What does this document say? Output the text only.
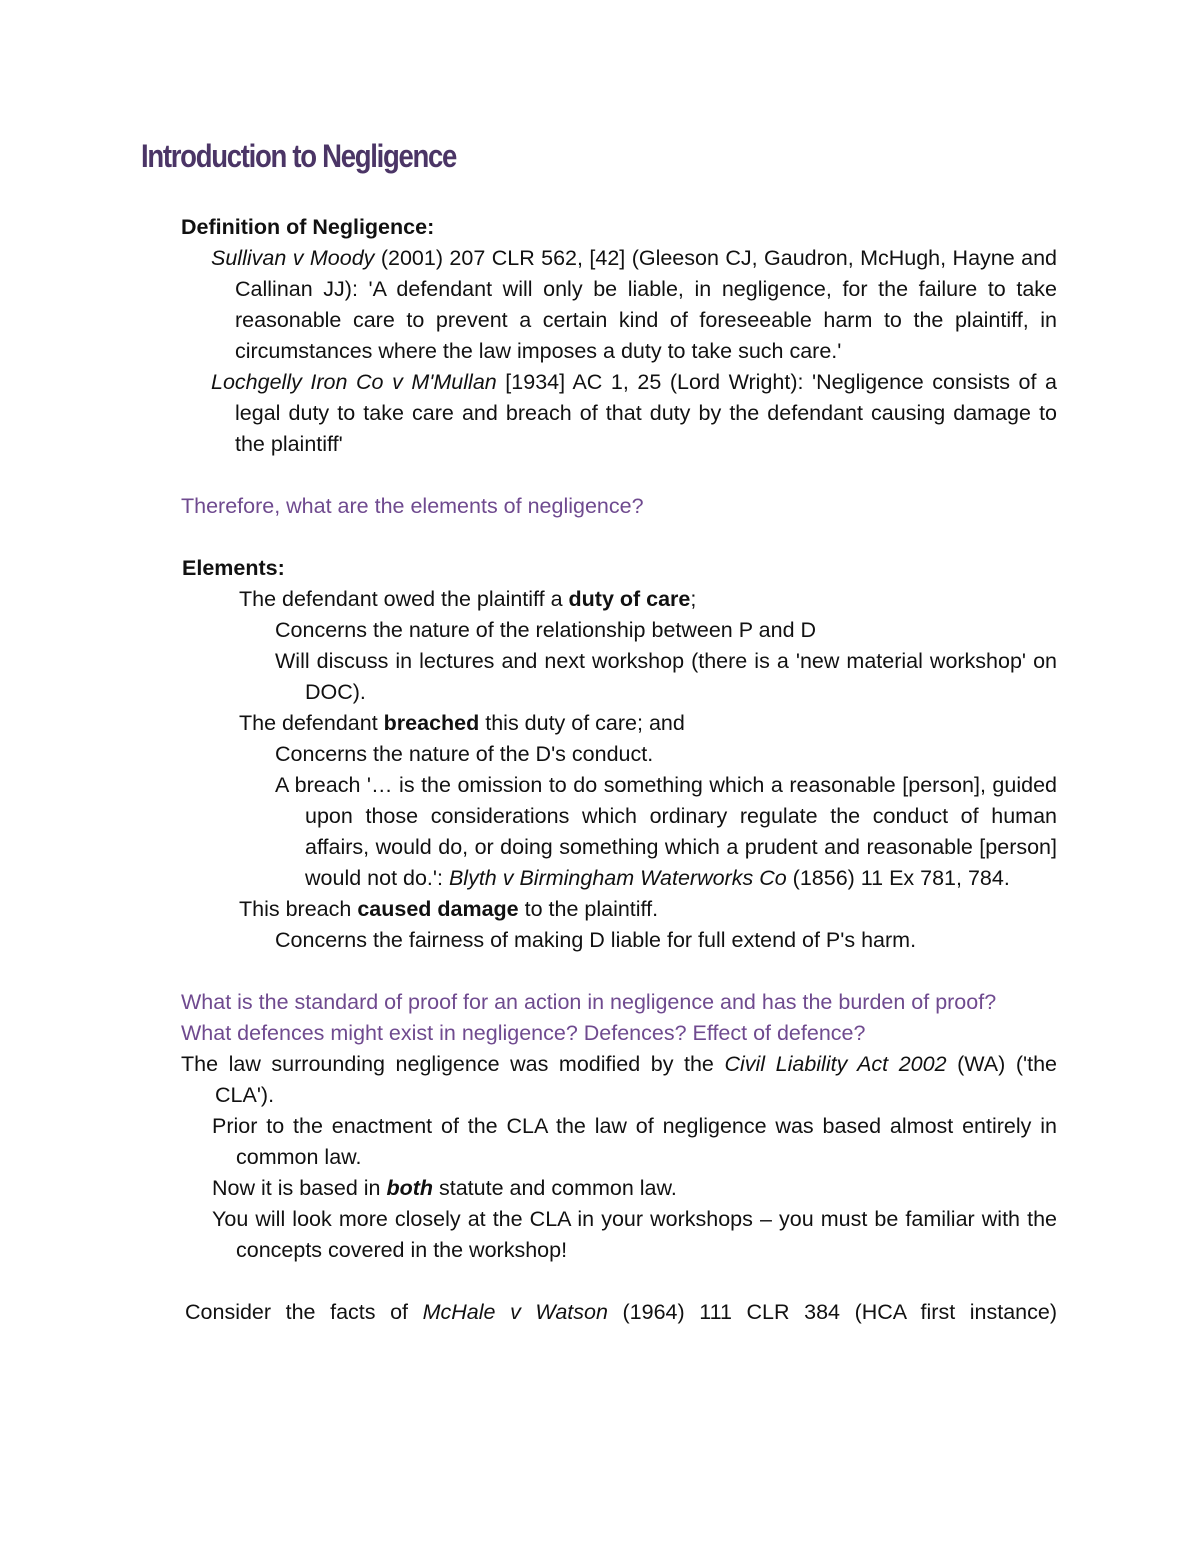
Introduction to Negligence

Definition of Negligence:

Sullivan v Moody (2001) 207 CLR 562, [42] (Gleeson CJ, Gaudron, McHugh, Hayne and Callinan JJ): 'A defendant will only be liable, in negligence, for the failure to take reasonable care to prevent a certain kind of foreseeable harm to the plaintiff, in circumstances where the law imposes a duty to take such care.'

Lochgelly Iron Co v M'Mullan [1934] AC 1, 25 (Lord Wright): 'Negligence consists of a legal duty to take care and breach of that duty by the defendant causing damage to the plaintiff'

Therefore, what are the elements of negligence?

Elements:

The defendant owed the plaintiff a duty of care;

Concerns the nature of the relationship between P and D

Will discuss in lectures and next workshop (there is a 'new material workshop' on DOC).

The defendant breached this duty of care; and

Concerns the nature of the D's conduct.

A breach '… is the omission to do something which a reasonable [person], guided upon those considerations which ordinary regulate the conduct of human affairs, would do, or doing something which a prudent and reasonable [person] would not do.': Blyth v Birmingham Waterworks Co (1856) 11 Ex 781, 784.

This breach caused damage to the plaintiff.

Concerns the fairness of making D liable for full extend of P's harm.

What is the standard of proof for an action in negligence and has the burden of proof?

What defences might exist in negligence? Defences? Effect of defence?

The law surrounding negligence was modified by the Civil Liability Act 2002 (WA) ('the CLA').

Prior to the enactment of the CLA the law of negligence was based almost entirely in common law.

Now it is based in both statute and common law.

You will look more closely at the CLA in your workshops – you must be familiar with the concepts covered in the workshop!

Consider the facts of McHale v Watson (1964) 111 CLR 384 (HCA first instance)
